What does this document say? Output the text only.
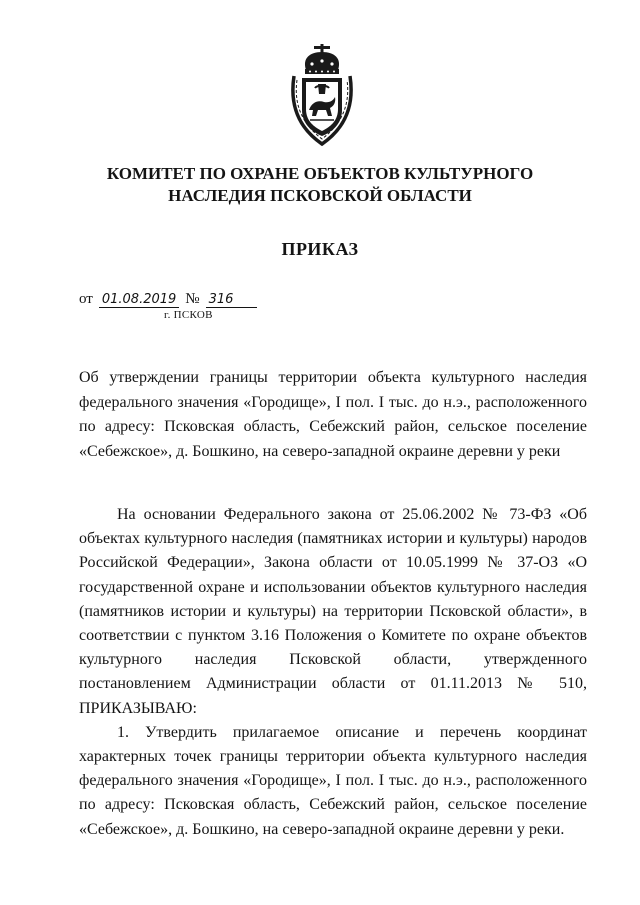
КОМИТЕТ ПО ОХРАНЕ ОБЪЕКТОВ КУЛЬТУРНОГО
НАСЛЕДИЯ ПСКОВСКОЙ ОБЛАСТИ
ПРИКАЗ
от 01.08.2019 № 316
г. ПСКОВ
Об утверждении границы территории объекта культурного наследия федерального значения «Городище», I пол. I тыс. до н.э., расположенного по адресу: Псковская область, Себежский район, сельское поселение «Себежское», д. Бошкино, на северо-западной окраине деревни у реки

На основании Федерального закона от 25.06.2002 № 73-ФЗ «Об объектах культурного наследия (памятниках истории и культуры) народов Российской Федерации», Закона области от 10.05.1999 № 37-ОЗ «О государственной охране и использовании объектов культурного наследия (памятников истории и культуры) на территории Псковской области», в соответствии с пунктом 3.16 Положения о Комитете по охране объектов культурного наследия Псковской области, утвержденного постановлением Администрации области от 01.11.2013 № 510, ПРИКАЗЫВАЮ:

1. Утвердить прилагаемое описание и перечень координат характерных точек границы территории объекта культурного наследия федерального значения «Городище», I пол. I тыс. до н.э., расположенного по адресу: Псковская область, Себежский район, сельское поселение «Себежское», д. Бошкино, на северо-западной окраине деревни у реки.
